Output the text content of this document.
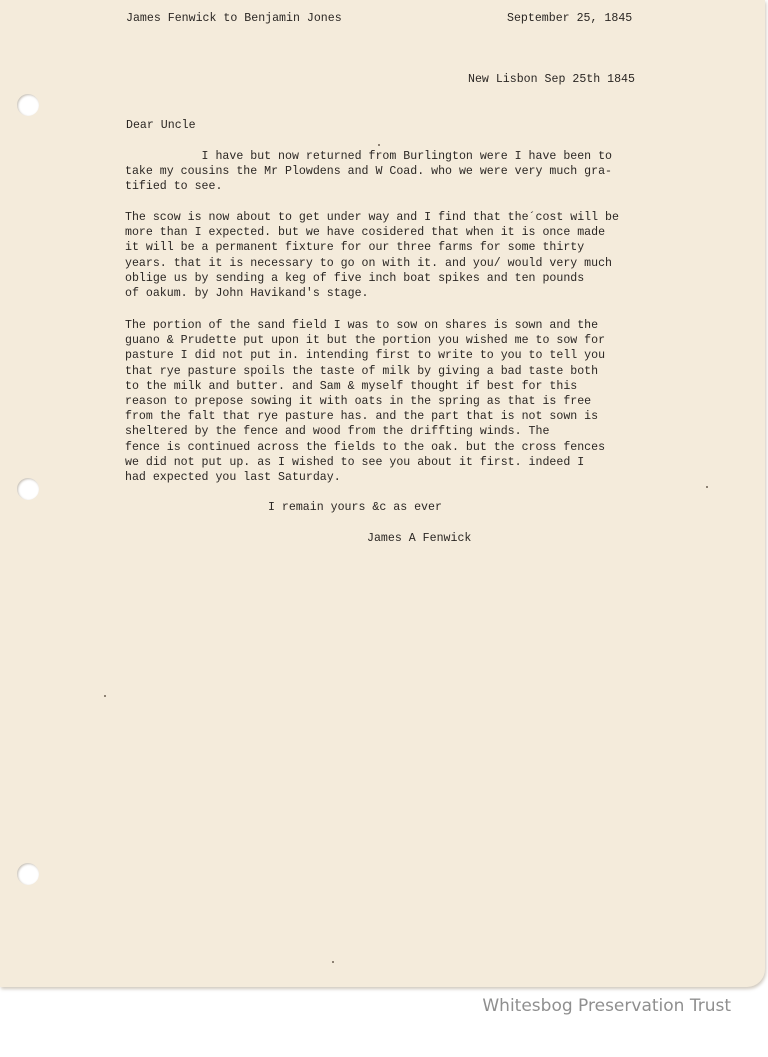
James Fenwick to Benjamin Jones	September 25, 1845
New Lisbon Sep 25th 1845
Dear Uncle

I have but now returned from Burlington were I have been to
take my cousins the Mr Plowdens and W Coad. who we were very much gra-
tified to see.

The scow is now about to get under way and I find that the´cost will be
more than I expected. but we have cosidered that when it is once made
it will be a permanent fixture for our three farms for some thirty
years. that it is necessary to go on with it. and you/ would very much
oblige us by sending a keg of five inch boat spikes and ten pounds
of oakum. by John Havikand's stage.

The portion of the sand field I was to sow on shares is sown and the
guano & Prudette put upon it but the portion you wished me to sow for
pasture I did not put in. intending first to write to you to tell you
that rye pasture spoils the taste of milk by giving a bad taste both
to the milk and butter. and Sam & myself thought if best for this
reason to prepose sowing it with oats in the spring as that is free
from the falt that rye pasture has. and the part that is not sown is
sheltered by the fence and wood from the driffting winds. The
fence is continued across the fields to the oak. but the cross fences
we did not put up. as I wished to see you about it first. indeed I
had expected you last Saturday.

I remain yours &c as ever
James A Fenwick
Whitesbog Preservation Trust
